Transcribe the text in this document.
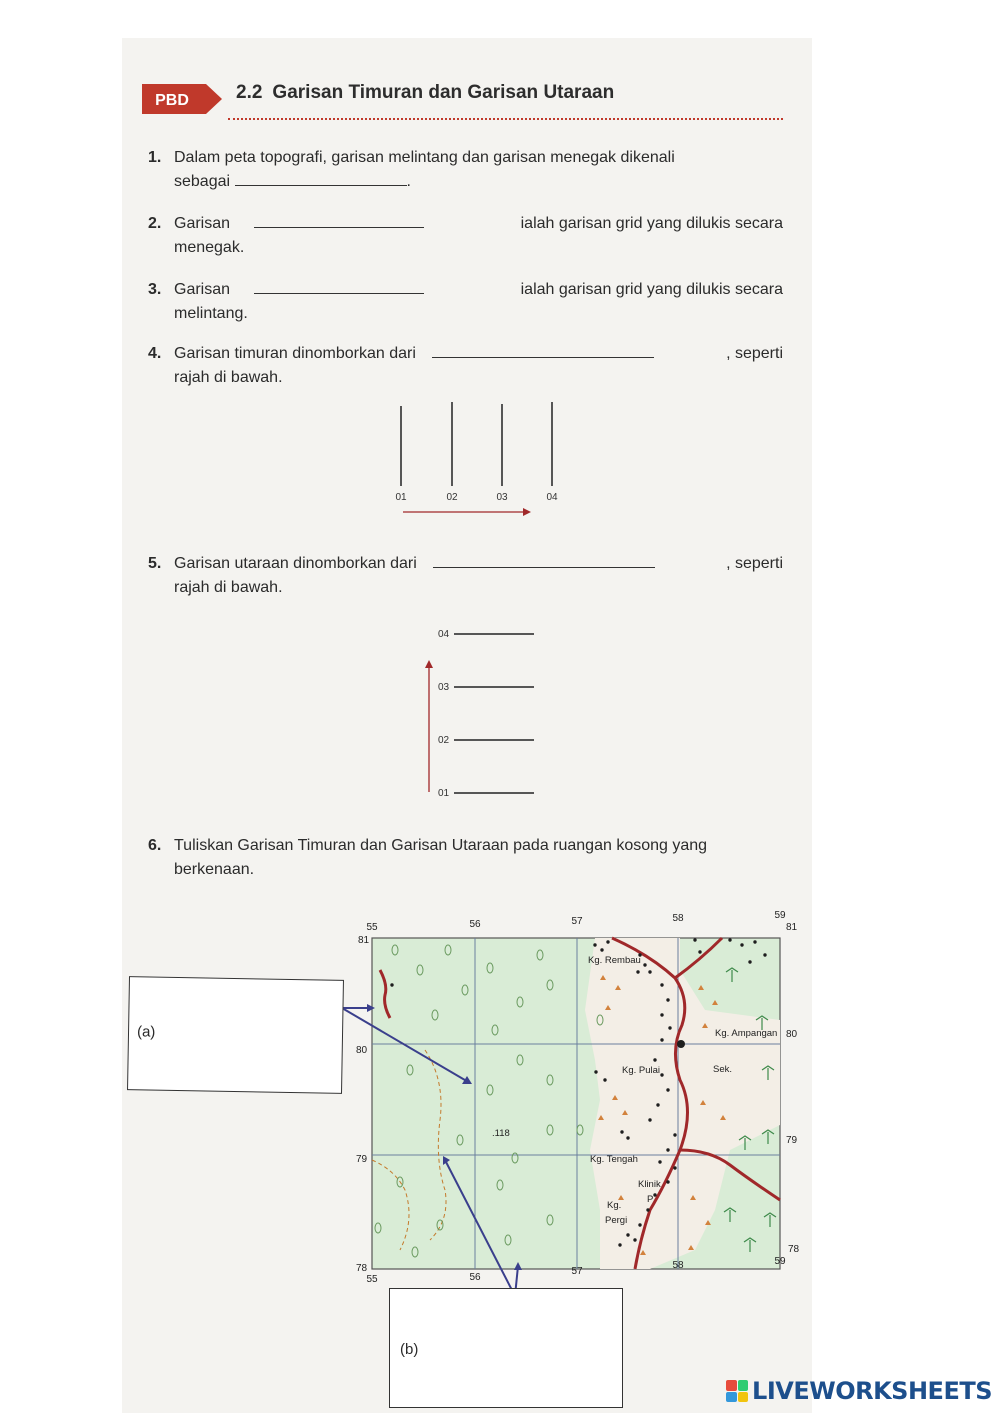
PBD 2.2 Garisan Timuran dan Garisan Utaraan
1. Dalam peta topografi, garisan melintang dan garisan menegak dikenali
sebagai	.
2. Garisan	ialah garisan grid yang dilukis secara

menegak.
3. Garisan	ialah garisan grid yang dilukis secara

melintang.
4. Garisan timuran dinomborkan dari	, seperti

rajah di bawah.
01	02	03	04
5. Garisan utaraan dinomborkan dari	, seperti

rajah di bawah.
04
03
02
01
6. Tuliskan Garisan Timuran dan Garisan Utaraan pada ruangan kosong yang
berkenaan.
Kg. Rembau
Kg. Ampangan
Sek.
Kg. Pulai
Kg. Tengah
Klinik
P
Kg.
Pergi
.118
55	56	57	58	59
55	56
57
58	59
81
80
79
78
81
80
79
78
(a)
(b)
LIVEWORKSHEETS
